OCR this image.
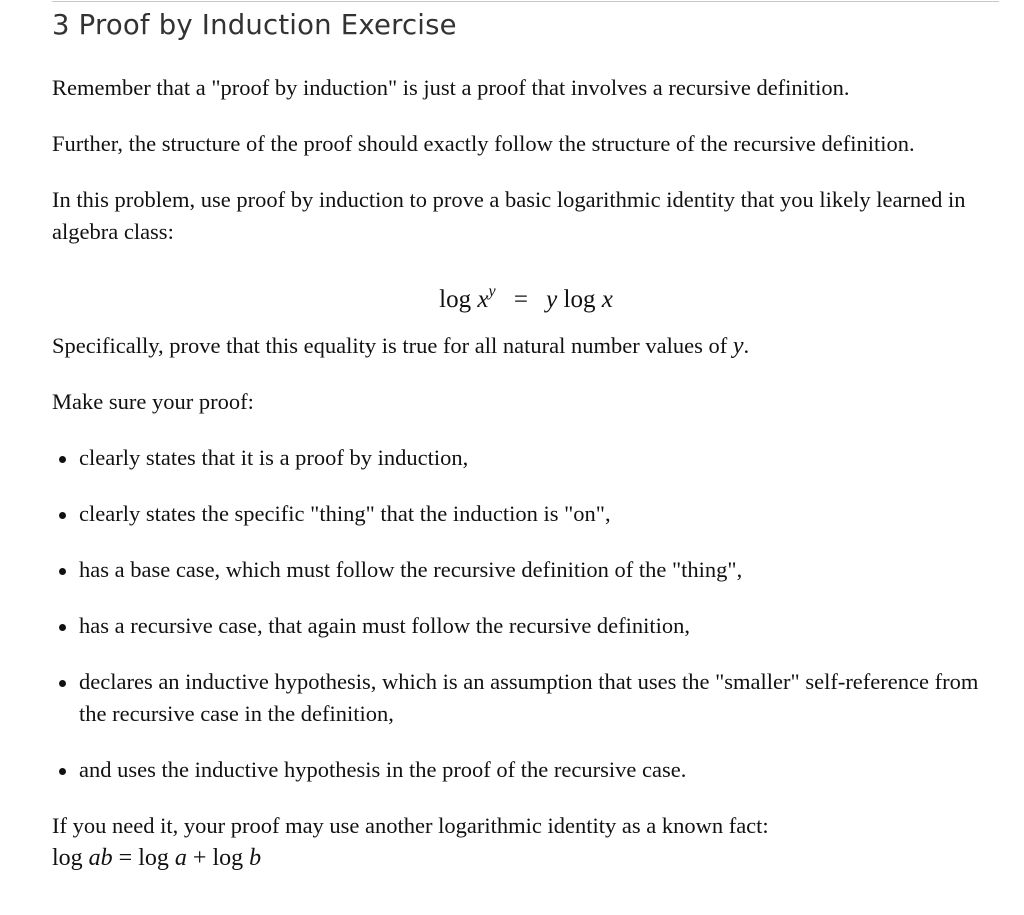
3 Proof by Induction Exercise

Remember that a "proof by induction" is just a proof that involves a recursive definition.

Further, the structure of the proof should exactly follow the structure of the recursive definition.

In this problem, use proof by induction to prove a basic logarithmic identity that you likely learned in algebra class:

$\log x^y = y$ log x

Specifically, prove that this equality is true for all natural number values of y.

Make sure your proof:

clearly states that it is a proof by induction,
clearly states the specific "thing" that the induction is "on",
has a base case, which must follow the recursive definition of the "thing",
has a recursive case, that again must follow the recursive definition,
declares an inductive hypothesis, which is an assumption that uses the "smaller" self-reference from the recursive case in the definition,
and uses the inductive hypothesis in the proof of the recursive case.

If you need it, your proof may use another logarithmic identity as a known fact:
log ab = log a + log b
